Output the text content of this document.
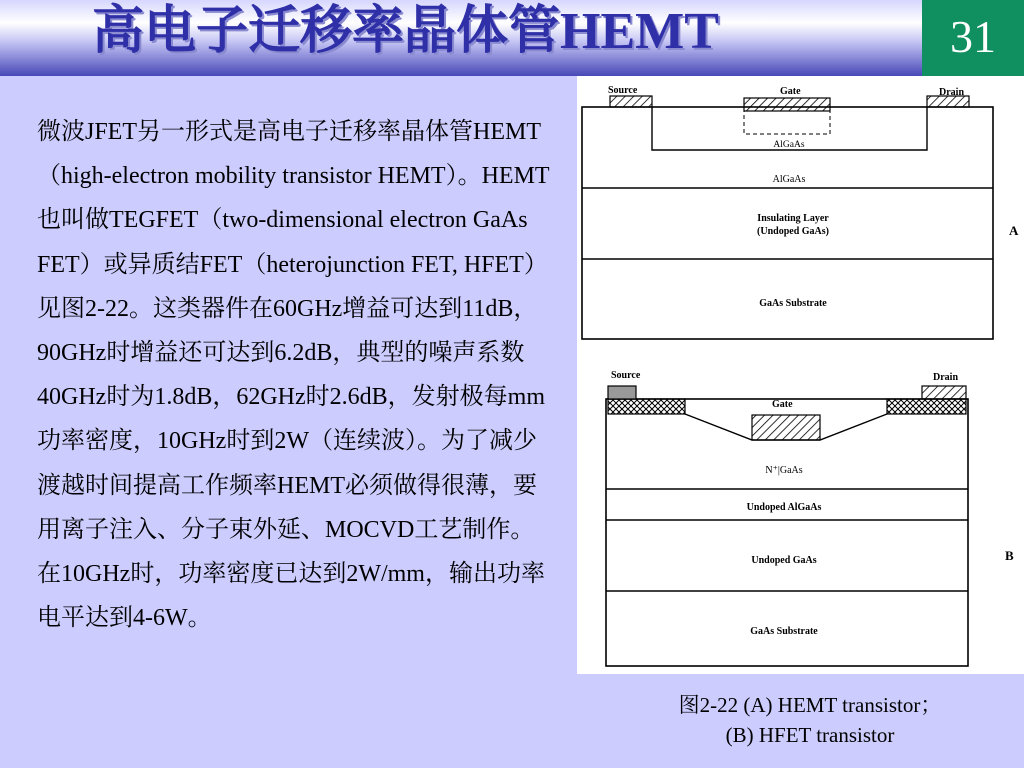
高电子迁移率晶体管HEMT	31
微波JFET另一形式是高电子迁移率晶体管HEMT（high-electron mobility transistor HEMT）。HEMT也叫做TEGFET（two-dimensional electron GaAs FET）或异质结FET（heterojunction FET, HFET）见图2-22。这类器件在60GHz增益可达到11dB，90GHz时增益还可达到6.2dB，典型的噪声系数40GHz时为1.8dB，62GHz时2.6dB，发射极每mm功率密度，10GHz时到2W（连续波）。为了减少渡越时间提高工作频率HEMT必须做得很薄，要用离子注入、分子束外延、MOCVD工艺制作。在10GHz时，功率密度已达到2W/mm，输出功率电平达到4-6W。
Source	Gate	Drain
AlGaAs
AlGaAs
Insulating Layer
(Undoped GaAs)
GaAs Substrate
A
Source
Gate
Drain
N⁺|GaAs
Undoped AlGaAs
Undoped GaAs
GaAs Substrate
B
图2-22 (A) HEMT transistor；
(B) HFET transistor
